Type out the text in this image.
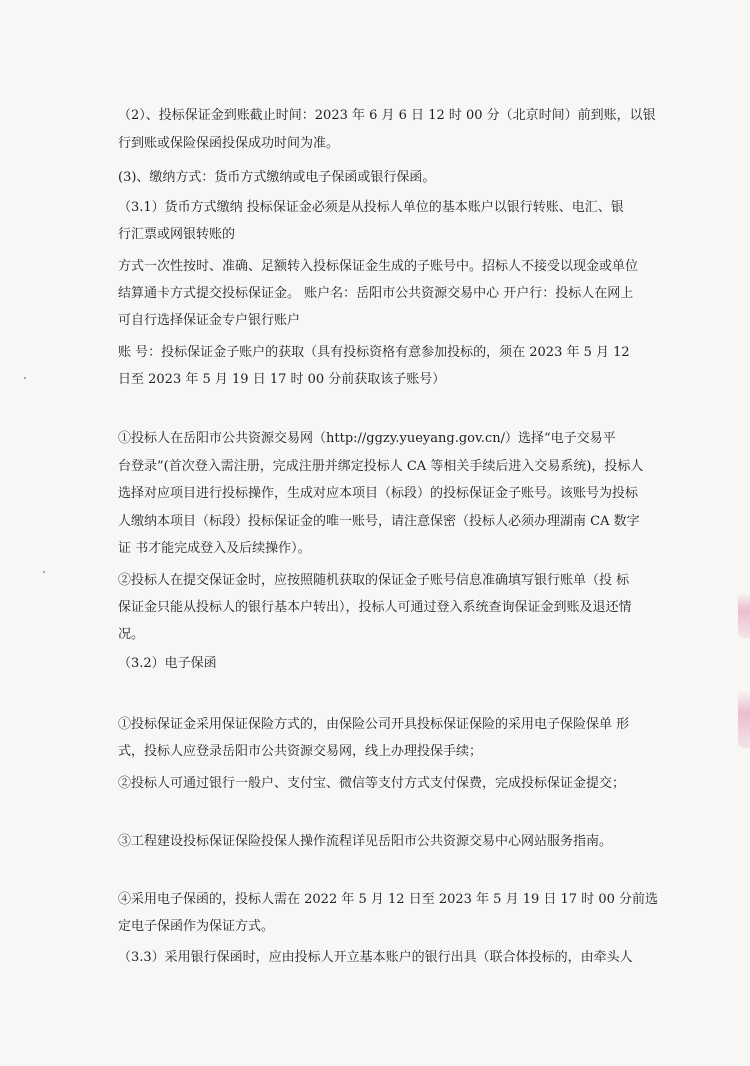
（2）、投标保证金到账截止时间：2023 年 6 月 6 日 12 时 00 分（北京时间）前到账，以银
行到账或保险保函投保成功时间为准。
(3)、缴纳方式：货币方式缴纳或电子保函或银行保函。
（3.1）货币方式缴纳 投标保证金必须是从投标人单位的基本账户以银行转账、电汇、银
行汇票或网银转账的
方式一次性按时、准确、足额转入投标保证金生成的子账号中。招标人不接受以现金或单位
结算通卡方式提交投标保证金。 账户名：岳阳市公共资源交易中心 开户行：投标人在网上
可自行选择保证金专户银行账户
账 号：投标保证金子账户的获取（具有投标资格有意参加投标的，须在 2023 年 5 月 12
日至 2023 年 5 月 19 日 17 时 00 分前获取该子账号）
①投标人在岳阳市公共资源交易网（http://ggzy.yueyang.gov.cn/）选择“电子交易平
台登录”(首次登入需注册，完成注册并绑定投标人 CA 等相关手续后进入交易系统)，投标人
选择对应项目进行投标操作，生成对应本项目（标段）的投标保证金子账号。该账号为投标
人缴纳本项目（标段）投标保证金的唯一账号，请注意保密（投标人必须办理湖南 CA 数字
证 书才能完成登入及后续操作）。
②投标人在提交保证金时，应按照随机获取的保证金子账号信息准确填写银行账单（投 标
保证金只能从投标人的银行基本户转出），投标人可通过登入系统查询保证金到账及退还情
况。
（3.2）电子保函
①投标保证金采用保证保险方式的，由保险公司开具投标保证保险的采用电子保险保单 形
式，投标人应登录岳阳市公共资源交易网，线上办理投保手续；
②投标人可通过银行一般户、支付宝、微信等支付方式支付保费，完成投标保证金提交；
③工程建设投标保证保险投保人操作流程详见岳阳市公共资源交易中心网站服务指南。
④采用电子保函的，投标人需在 2022 年 5 月 12 日至 2023 年 5 月 19 日 17 时 00 分前选
定电子保函作为保证方式。
（3.3）采用银行保函时，应由投标人开立基本账户的银行出具（联合体投标的，由牵头人
